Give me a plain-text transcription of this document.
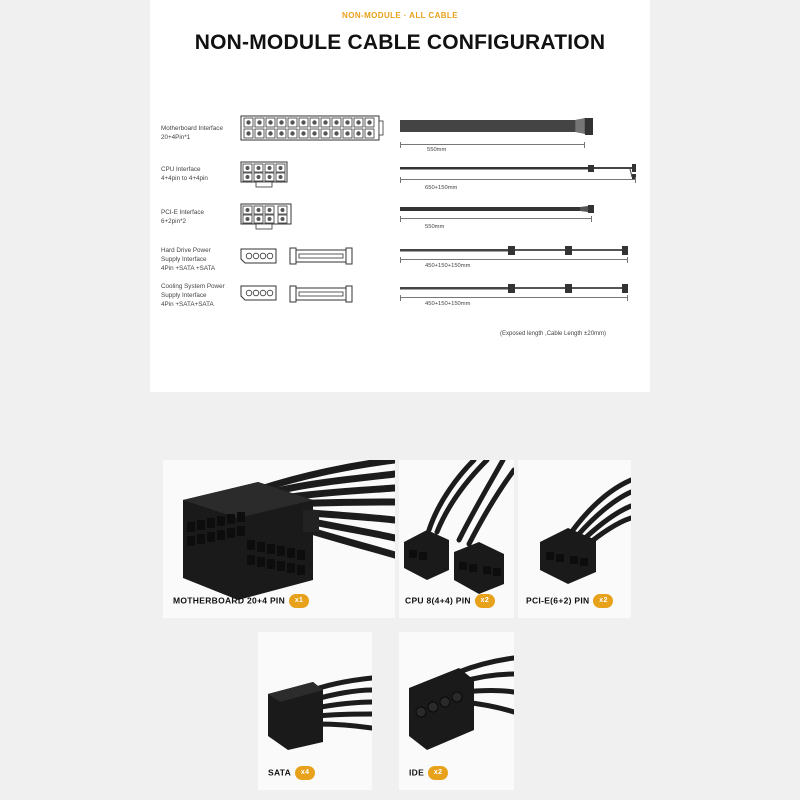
NON-MODULE · ALL CABLE
NON-MODULE CABLE CONFIGURATION
Motherboard Interface
20+4Pin*1
550mm
CPU Interface
4+4pin to 4+4pin
650+150mm
PCI-E Interface
6+2pin*2
550mm
Hard Drive Power
Supply Interface
4Pin +SATA +SATA	450+150+150mm
Cooling System Power
Supply Interface
4Pin +SATA+SATA	450+150+150mm
(Exposed length ,Cable Length ±20mm)
MOTHERBOARD 20+4 PIN x1	CPU 8(4+4) PIN x2	PCI-E(6+2) PIN x2
SATA x4	IDE x2
